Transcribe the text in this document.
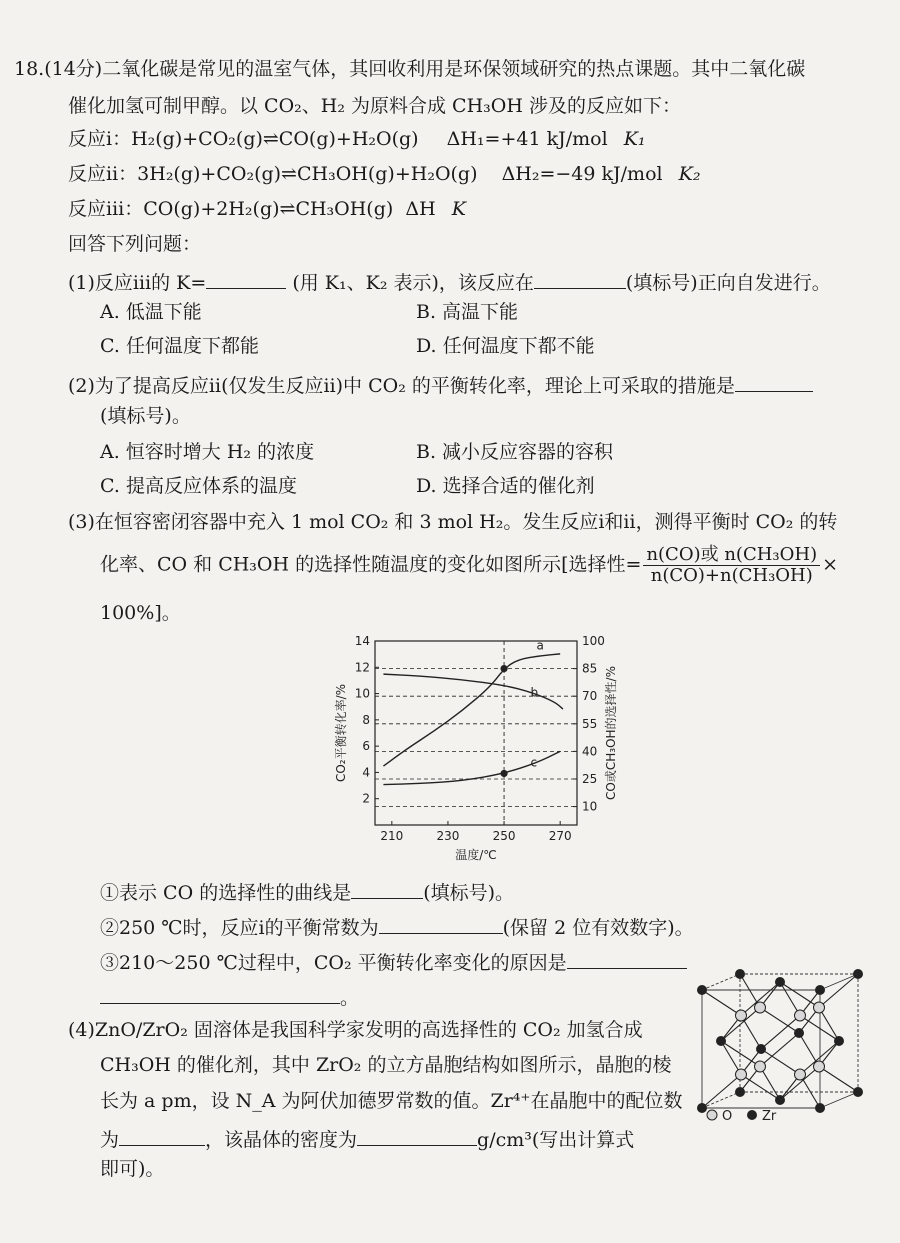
18.(14分)二氧化碳是常见的温室气体，其回收利用是环保领域研究的热点课题。其中二氧化碳
催化加氢可制甲醇。以 CO₂、H₂ 为原料合成 CH₃OH 涉及的反应如下：
反应ⅰ：H₂(g)+CO₂(g)⇌CO(g)+H₂O(g) ΔH₁=+41 kJ/mol K₁
反应ⅱ：3H₂(g)+CO₂(g)⇌CH₃OH(g)+H₂O(g) ΔH₂=−49 kJ/mol K₂
反应ⅲ：CO(g)+2H₂(g)⇌CH₃OH(g) ΔH K
回答下列问题：
(1)反应ⅲ的 K=	(用 K₁、K₂ 表示)，该反应在	(填标号)正向自发进行。
A. 低温下能	B. 高温下能
C. 任何温度下都能	D. 任何温度下都不能
(2)为了提高反应ⅱ(仅发生反应ⅱ)中 CO₂ 的平衡转化率，理论上可采取的措施是
(填标号)。
A. 恒容时增大 H₂ 的浓度	B. 减小反应容器的容积
C. 提高反应体系的温度	D. 选择合适的催化剂
(3)在恒容密闭容器中充入 1 mol CO₂ 和 3 mol H₂。发生反应ⅰ和ⅱ，测得平衡时 CO₂ 的转
化率、CO 和 CH₃OH 的选择性随温度的变化如图所示[选择性= $\frac{\text{n(CO)或 n(CH₃OH)}}{\text{n(CO)+n(CH₃OH)}}$ ×
100%]。
2
4
6
8
10
12
14
10
25
40
55
70
85
100
210	230	250	270
a
b
c
温度/℃
CO₂平衡转化率/%	CO或CH₃OH的选择性/%
①表示 CO 的选择性的曲线是	(填标号)。
②250 ℃时，反应ⅰ的平衡常数为	(保留 2 位有效数字)。
③210～250 ℃过程中，CO₂ 平衡转化率变化的原因是
。
(4)ZnO/ZrO₂ 固溶体是我国科学家发明的高选择性的 CO₂ 加氢合成
CH₃OH 的催化剂，其中 ZrO₂ 的立方晶胞结构如图所示，晶胞的棱
长为 a pm，设 N_A 为阿伏加德罗常数的值。Zr⁴⁺在晶胞中的配位数
为	，该晶体的密度为	g/cm³(写出计算式
即可)。
O Zr
